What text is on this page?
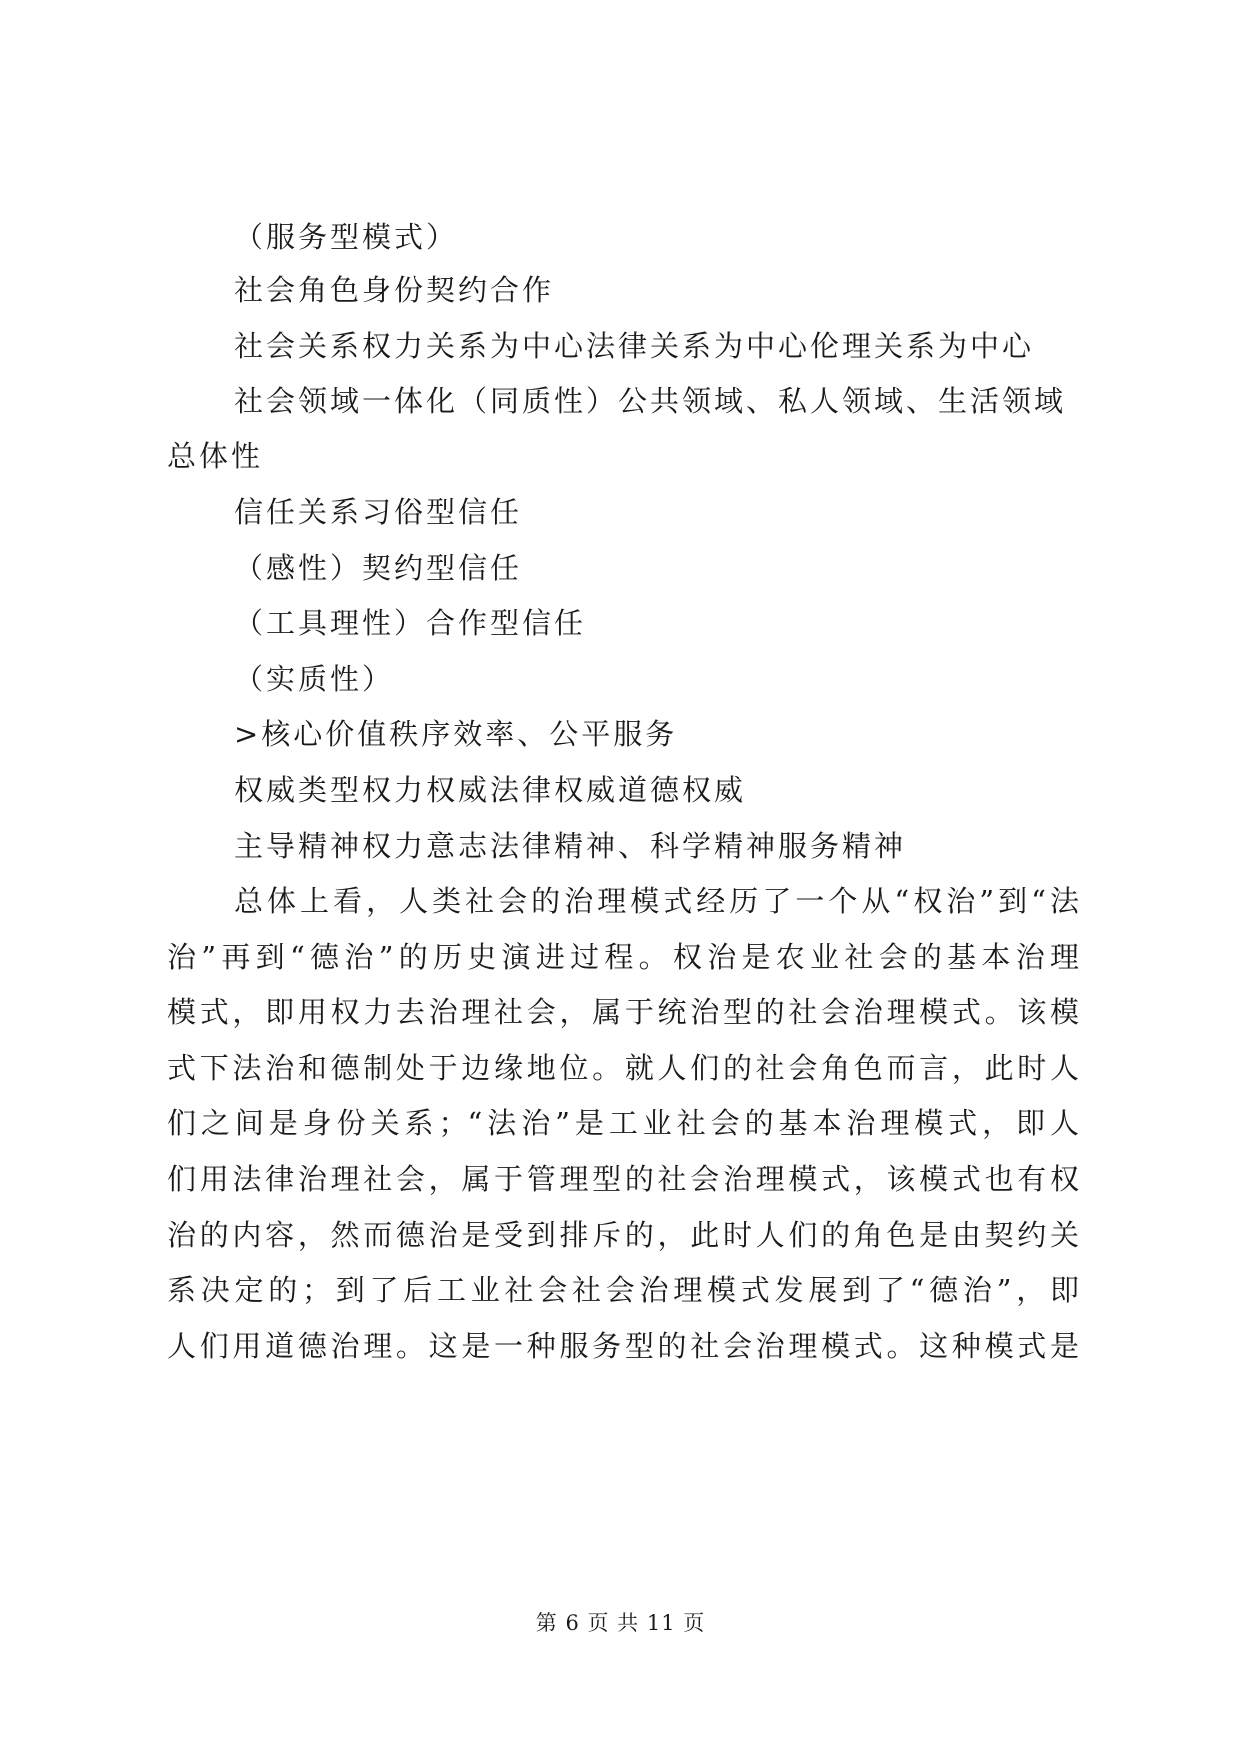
（服务型模式）

社会角色身份契约合作

社会关系权力关系为中心法律关系为中心伦理关系为中心

社会领域一体化（同质性）公共领域、私人领域、生活领域

总体性

信任关系习俗型信任

（感性）契约型信任

（工具理性）合作型信任

（实质性）

>核心价值秩序效率、公平服务

权威类型权力权威法律权威道德权威

主导精神权力意志法律精神、科学精神服务精神

总体上看，人类社会的治理模式经历了一个从“权治”到“法

治”再到“德治”的历史演进过程。权治是农业社会的基本治理

模式，即用权力去治理社会，属于统治型的社会治理模式。该模

式下法治和德制处于边缘地位。就人们的社会角色而言，此时人

们之间是身份关系；“法治”是工业社会的基本治理模式，即人

们用法律治理社会，属于管理型的社会治理模式，该模式也有权

治的内容，然而德治是受到排斥的，此时人们的角色是由契约关

系决定的；到了后工业社会社会治理模式发展到了“德治”，即

人们用道德治理。这是一种服务型的社会治理模式。这种模式是

第 6 页 共 11 页
